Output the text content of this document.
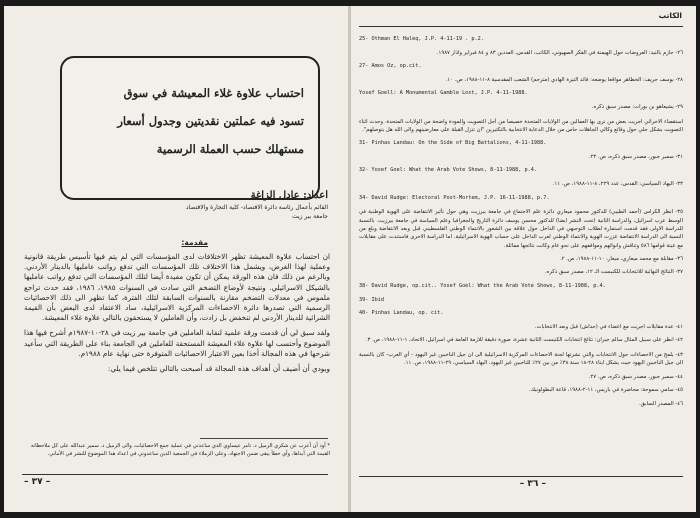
احتساب علاوة غلاء المعيشة في سوق
تسود فيه عملتين نقديتين وجدول أسعار
مستهلك حسب العملة الرسمية
اعداد: عادل الزاغة
القائم بأعمال رئاسة دائرة الاقتصاد- كلية التجارة والاقتصاد
جامعة بير زيت
مقدمة:

ان احتساب علاوة المعيشة تظهر الاختلافات لدى المؤسسات التي لم يتم فيها تأسيس طريقة قانونية وعملية لهذا الغرض، ويشمل هذا الاختلاف تلك المؤسسات التي تدفع رواتب عامليها بالدينار الأردني. وبالرغم من ذلك فان هذه الورقة يمكن أن تكون مفيدة أيضا لتلك المؤسسات التي تدفع رواتب عامليها بالشيكل الاسرائيلي. ونتيجة لأوضاع التضخم التي سادت في السنوات ١٩٨٥، ١٩٨٦، فقد حدث تراجع ملموس في معدلات التضخم مقارنة بالسنوات السابقة لتلك الفترة، كما تظهر الى ذلك الاحصائيات الرسمية التي تصدرها دائرة الاحصاءات المركزية الاسرائيلية، ساد الاعتقاد لدى البعض بأن القيمة الشرائية للدينار الأردني لم تنخفض بل زادت، وأن العاملين لا يستحقون بالتالي علاوة غلاء المعيشة.

ولقد سبق لي أن قدمت ورقة علمية لنقابة العاملين في جامعة بير زيت في ٢٨-١٠-١٩٨٧م أشرح فيها هذا الموضوع وأحتسب لها علاوة غلاء المعيشة المستحقة للعاملين في الجامعة بناء على الطريقة التي سأعيد شرحها في هذه المجالة أخذا بعين الاعتبار الاحصائيات المتوفرة حتى نهاية عام ١٩٨٨م.

وبودي أن أضيف أن أهداف هذه المجالة قد أصبحت بالتالي تتلخص فيما يلي:

* أود أن أعرب عن شكري الزميل د. تامر عيساوي الذي ساعدني في عملية جمع الاحصائيات، والى الزميل د. سمير عبدالله على كل ملاحظاته القيمة التي أبداها، وأي خطأ يبقى ضمن الاجتهاد، وعلى الزملاء في الجمعية الذين ساعدوني في اعداد هذا الموضوع للنشر في الأماني.
– ٣٧ –
الكاتب
25- Othman El Haleq, J.P. 4-11-19 . p.2.
٢٦- حازم بالنيد: العروضات حول الهيمنة في الفكر الصهيوني، الكاتب، القدس، العددين ٨٣ و ٨٤ فبراير وآذار ١٩٨٧.
27- Amos Oz, op.cit.
٢٨- يوسف حريف: الخطاهر مواقعا يوضعه: قائد التيرة الهادي (مترجم) الشعب المقدسية ٨-١١-١٩٨٨، ص. ١٠.
Yosef Goell: A Monumental Gamble Lost, J.P. 4-11-1988.
٢٩- يشيعاهو بن بورات: مصدر سبق ذكره.
استقصاء الاجرائي اجريت بعض من نرى بها العمالين من الولايات المتحدة خصيصا من أجل التصويت والمودة واضحة من الولايات المتحدة. وحدث اثناء التصويت بشكل جلي حول وقائع وكالي الجاهلات حاس من خلال الدعاية الانتخابية بالتكتيرين "ان تنزل القبلة على معارضينهم والى الله هل يتوصلهم".
31- Pinhas Landau: On the Side of Big Battalions, 4-11-1988.
٣١- سمير جبور، مصدر سبق ذكره، ص. ٢٣.
32- Yosef Goel: What the Arab Vote Shows, 8-11-1988, p.4.
٣٣- اليهاد السياسي: القدس، عدد ٢٢٩، ٨-١١-١٩٨٨، ص. ١١.
34- David Rudge: Electoral Post-Mortem, J.P. 16-11-1988, p.7.
٣٥- انظر الكراس (أحمد الطيبي) للدكتور محمود ميعاري دائرة علم الاجتماع في جامعة بيرزيت وهي حول تأثير الانتفاضة على الهوية الوطنية في الوسط عرب اسرائيل، والدراسة الثانية (تحت النشر ايضا) للدكتور محسن يوسف دائرة التاريخ والجغرافيا وعلم السياسة في جامعة بيرزيت. بالنسبة للدراسة الاولى فقد قدمت استمارة لطلاب التوجيهي في الداخل حول علاقة بين الشعور بالانتماء الوطني الفلسطيني قبل وبعد الانتفاضة وبلغ من النسبة الى الدراسة الانتفاضة عززت الهوية والانتماء الوطني لعرب الداخل على حساب الهوية الاسرائيلية. اما الدراسة الاخرى فاستندت على مقابلات مع عينة قوامها ٥٨٦ وتناقش وانوائهم ومواقفهم على نحو عام وكانت نتائجها مماثلة.
٣٦- مقابلة مع محمد ميعاري، ميعار، ١٠-١١-١٩٨٨، ص. ٢.
٣٧- النتائج النهائية للانتخابات للكنيست الـ ١٢، مصدر سبق ذكره.
38- David Rudge, op.cit.. Yosef Goel: What the Arab Vote Shows, 8-11-1988, p.4.
39- Ibid
40- Pinhas Landau, op. cit.
٤١- عدة مقابلات اجريت مع اعضاء في (حداش) قبل وبعد الانتخابات.
٤٢- انظر على سبيل المثال سالم جبران: نتائج انتخابات الكنيست الثانية عشرة، صورة دقيقة للأزمة العامة في اسرائيل، الاتحاد، ١-١١-١٩٨٨، ص. ٣.
٤٣- يلمح من الاحصاءات حول الانتخابات والتي نشرتها لجنة الاحصاءات المركزية الاسرائيلية الى ان جيل الناخبين غير اليهود - أي العرب- كان بالنسبة الى جيل الناخبين اليهود حيث يشكل ابناء ٢٨-١٨ سنة ٣٨٪ من بين ٢٧٪ للناخبين غير اليهود، اليهاد السياسي، ٢٩-١١-١٩٨٨، ص. ١١.
٤٤- سمير جبور، مصدر سبق ذكره، ص. ٢٧.
٤٥- سامي سموحة: محاضرة في باريس، ١١-٢-١٩٨٨، قاعة البطولونيك.
٤٦- المصدر السابق.
– ٣٦ –
